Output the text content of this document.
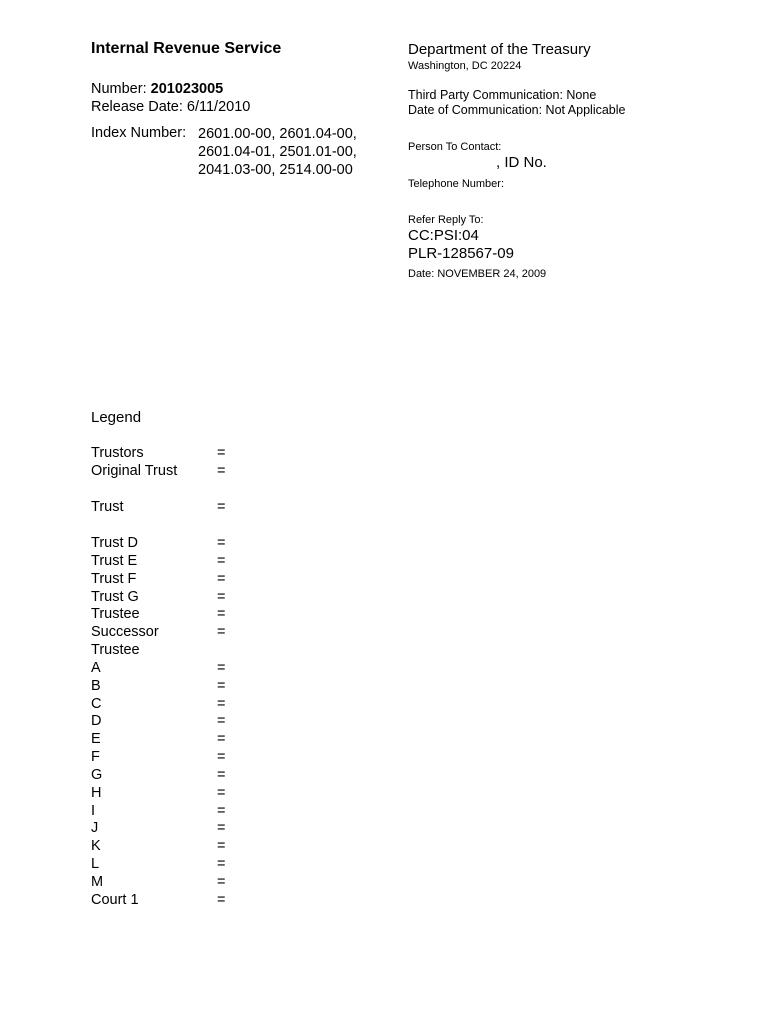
Internal Revenue Service
Number: 201023005
Release Date: 6/11/2010
Index Number: 2601.00-00, 2601.04-00,
2601.04-01, 2501.01-00,
2041.03-00, 2514.00-00
Department of the Treasury
Washington, DC 20224
Third Party Communication: None
Date of Communication: Not Applicable
Person To Contact:
, ID No.
Telephone Number:
Refer Reply To:
CC:PSI:04
PLR-128567-09
Date: NOVEMBER 24, 2009
Legend
Trustors	=
Original Trust	=
Trust	=
Trust D	=
Trust E	=
Trust F	=
Trust G	=
Trustee	=
Successor	=
Trustee
A	=
B	=
C	=
D	=
E	=
F	=
G	=
H	=
I	=
J	=
K	=
L	=
M	=
Court 1	=
